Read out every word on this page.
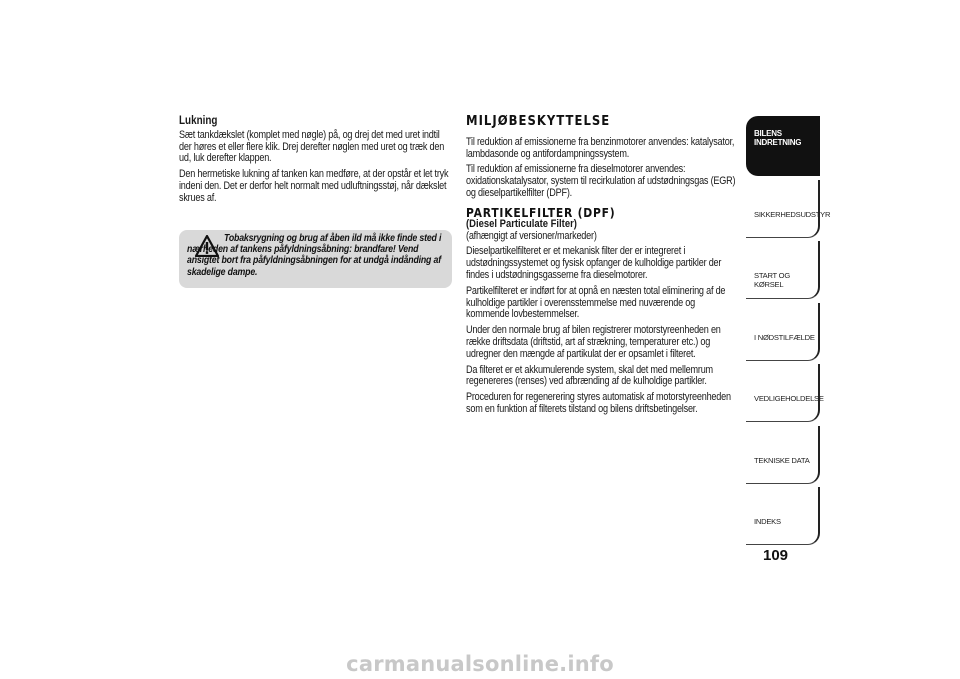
Lukning

Sæt tankdækslet (komplet med nøgle) på, og drej det med uret indtil der høres et eller flere klik. Drej derefter nøglen med uret og træk den ud, luk derefter klappen.

Den hermetiske lukning af tanken kan medføre, at der opstår et let tryk indeni den. Det er derfor helt normalt med udluftningsstøj, når dækslet skrues af.

Tobaksrygning og brug af åben ild må ikke finde sted i nærheden af tankens påfyldningsåbning: brandfare! Vend ansigtet bort fra påfyldningsåbningen for at undgå indånding af skadelige dampe.
MILJØBESKYTTELSE

Til reduktion af emissionerne fra benzinmotorer anvendes: katalysator, lambdasonde og antifordampningssystem.

Til reduktion af emissionerne fra dieselmotorer anvendes: oxidationskatalysator, system til recirkulation af udstødningsgas (EGR) og dieselpartikelfilter (DPF).

PARTIKELFILTER (DPF)
(Diesel Particulate Filter)

(afhængigt af versioner/markeder)

Dieselpartikelfilteret er et mekanisk filter der er integreret i udstødningssystemet og fysisk opfanger de kulholdige partikler der findes i udstødningsgasserne fra dieselmotorer.

Partikelfilteret er indført for at opnå en næsten total eliminering af de kulholdige partikler i overensstemmelse med nuværende og kommende lovbestemmelser.

Under den normale brug af bilen registrerer motorstyreenheden en række driftsdata (driftstid, art af strækning, temperaturer etc.) og udregner den mængde af partikulat der er opsamlet i filteret.

Da filteret er et akkumulerende system, skal det med mellemrum regenereres (renses) ved afbrænding af de kulholdige partikler.

Proceduren for regenerering styres automatisk af motorstyreenheden som en funktion af filterets tilstand og bilens driftsbetingelser.

BILENS INDRETNING
SIKKERHEDSUDSTYR
START OG KØRSEL
I NØDSTILFÆLDE
VEDLIGEHOLDELSE
TEKNISKE DATA
INDEKS
109
carmanualsonline.info
